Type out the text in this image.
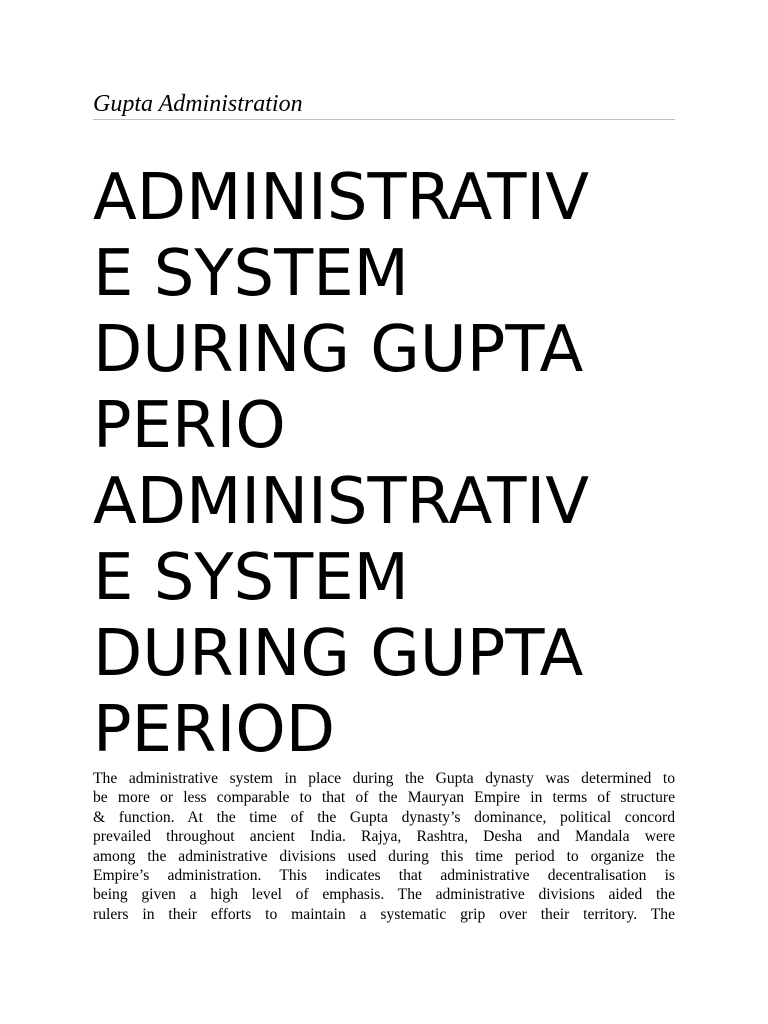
Gupta Administration
ADMINISTRATIV
E SYSTEM
DURING GUPTA
PERIO
ADMINISTRATIV
E SYSTEM
DURING GUPTA
PERIOD

The administrative system in place during the Gupta dynasty was determined to
be more or less comparable to that of the Mauryan Empire in terms of structure
& function. At the time of the Gupta dynasty’s dominance, political concord
prevailed throughout ancient India. Rajya, Rashtra, Desha and Mandala were
among the administrative divisions used during this time period to organize the
Empire’s administration. This indicates that administrative decentralisation is
being given a high level of emphasis. The administrative divisions aided the
rulers in their efforts to maintain a systematic grip over their territory. The
